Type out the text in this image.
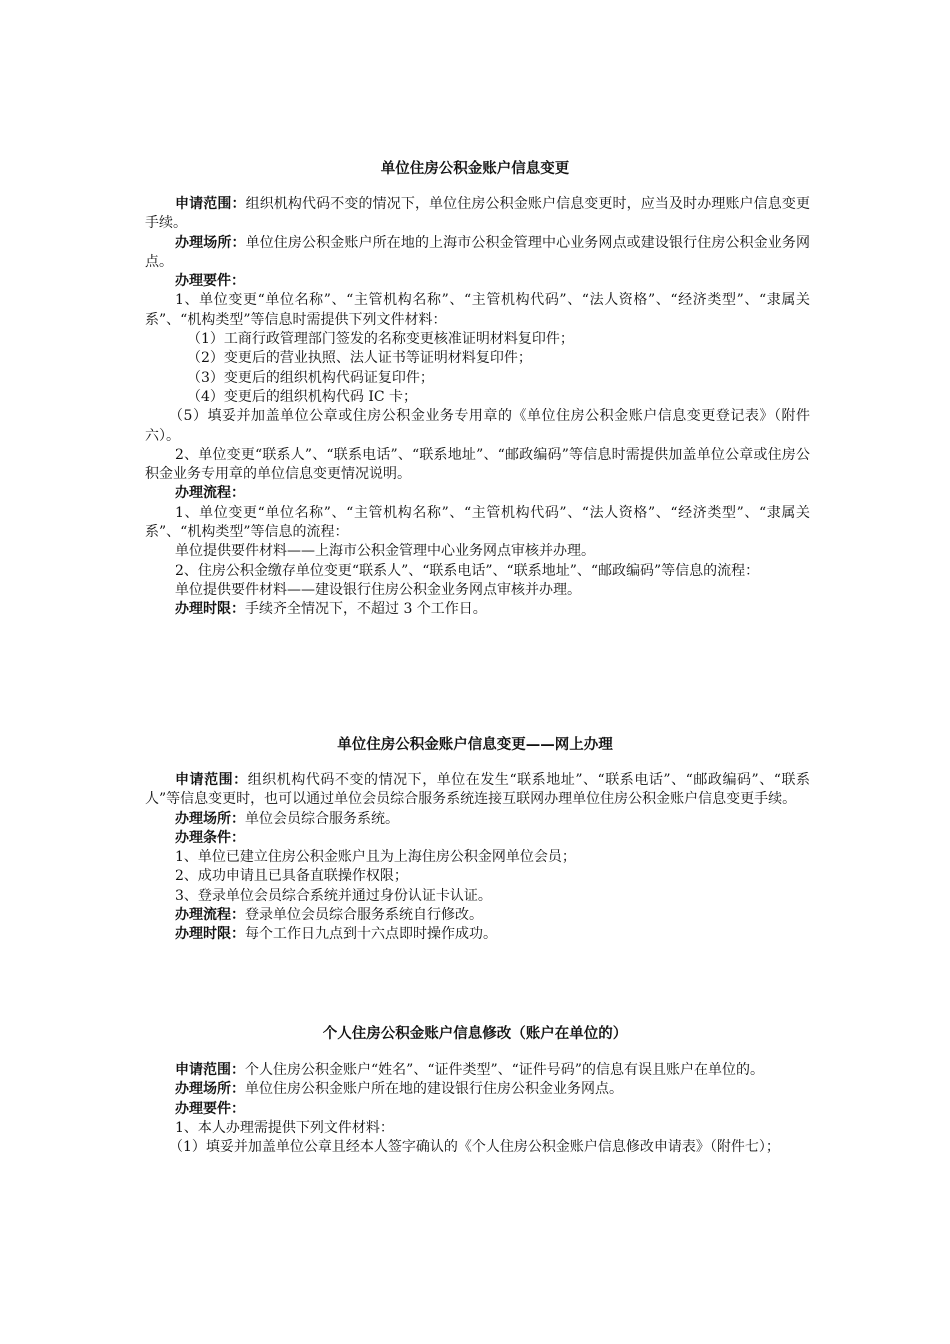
单位住房公积金账户信息变更

申请范围：组织机构代码不变的情况下，单位住房公积金账户信息变更时，应当及时办理账户信息变更手续。

办理场所：单位住房公积金账户所在地的上海市公积金管理中心业务网点或建设银行住房公积金业务网点。

办理要件：

1、单位变更“单位名称”、“主管机构名称”、“主管机构代码”、“法人资格”、“经济类型”、“隶属关系”、“机构类型”等信息时需提供下列文件材料：

（1）工商行政管理部门签发的名称变更核准证明材料复印件；

（2）变更后的营业执照、法人证书等证明材料复印件；

（3）变更后的组织机构代码证复印件；

（4）变更后的组织机构代码 IC 卡；

（5）填妥并加盖单位公章或住房公积金业务专用章的《单位住房公积金账户信息变更登记表》（附件六）。

2、单位变更“联系人”、“联系电话”、“联系地址”、“邮政编码”等信息时需提供加盖单位公章或住房公积金业务专用章的单位信息变更情况说明。

办理流程：

1、单位变更“单位名称”、“主管机构名称”、“主管机构代码”、“法人资格”、“经济类型”、“隶属关系”、“机构类型”等信息的流程：

单位提供要件材料——上海市公积金管理中心业务网点审核并办理。

2、住房公积金缴存单位变更“联系人”、“联系电话”、“联系地址”、“邮政编码”等信息的流程：

单位提供要件材料——建设银行住房公积金业务网点审核并办理。

办理时限：手续齐全情况下，不超过 3 个工作日。

单位住房公积金账户信息变更——网上办理

申请范围：组织机构代码不变的情况下，单位在发生“联系地址”、“联系电话”、“邮政编码”、“联系人”等信息变更时，也可以通过单位会员综合服务系统连接互联网办理单位住房公积金账户信息变更手续。

办理场所：单位会员综合服务系统。

办理条件：

1、单位已建立住房公积金账户且为上海住房公积金网单位会员；

2、成功申请且已具备直联操作权限；

3、登录单位会员综合系统并通过身份认证卡认证。

办理流程：登录单位会员综合服务系统自行修改。

办理时限：每个工作日九点到十六点即时操作成功。

个人住房公积金账户信息修改（账户在单位的）

申请范围：个人住房公积金账户“姓名”、“证件类型”、“证件号码”的信息有误且账户在单位的。

办理场所：单位住房公积金账户所在地的建设银行住房公积金业务网点。

办理要件：

1、本人办理需提供下列文件材料：

（1）填妥并加盖单位公章且经本人签字确认的《个人住房公积金账户信息修改申请表》（附件七）；
